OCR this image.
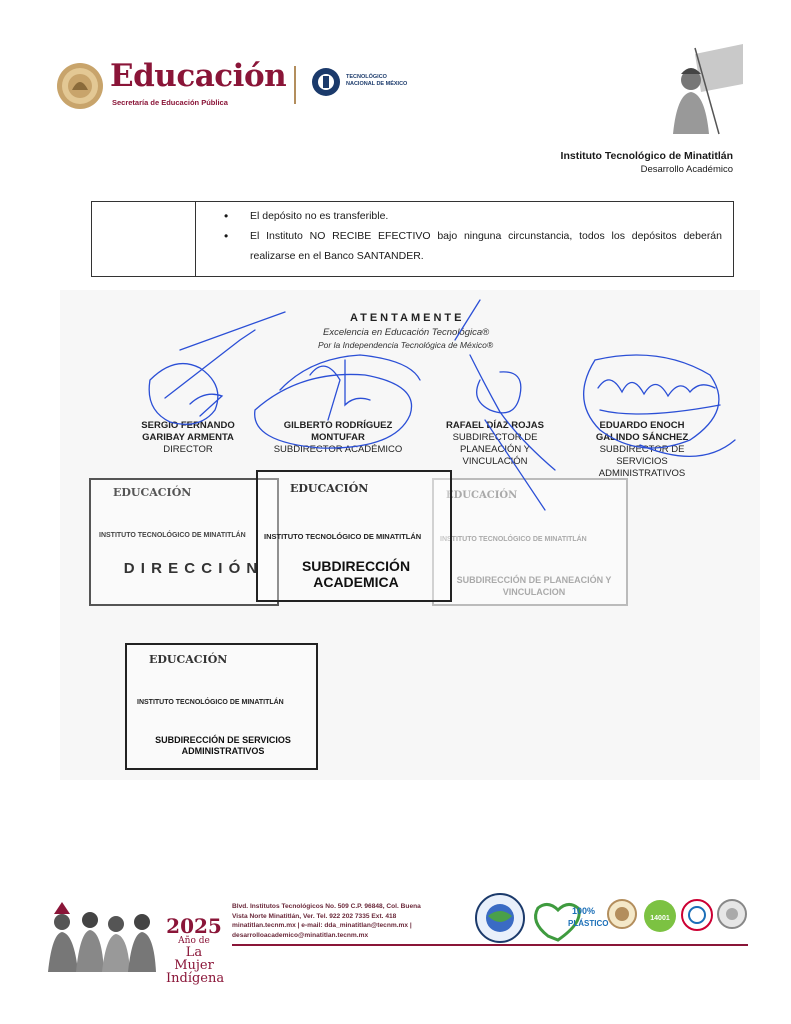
Educación
Secretaría de Educación Pública
TECNOLÓGICO NACIONAL DE MÉXICO
Instituto Tecnológico de Minatitlán
Desarrollo Académico
• El depósito no es transferible.
• El Instituto NO RECIBE EFECTIVO bajo ninguna circunstancia, todos los depósitos deberán realizarse en el Banco SANTANDER.
ATENTAMENTE
Excelencia en Educación Tecnológica®
Por la Independencia Tecnológica de México®
SERGIO FERNANDO
GARIBAY ARMENTA
DIRECTOR
GILBERTO RODRÍGUEZ
MONTUFAR
SUBDIRECTOR ACADÉMICO
RAFAEL DÍAZ ROJAS
SUBDIRECTOR DE
PLANEACIÓN Y
VINCULACIÓN
EDUARDO ENOCH
GALINDO SÁNCHEZ
SUBDIRECTOR DE
SERVICIOS
ADMINISTRATIVOS
EDUCACIÓN
INSTITUTO TECNOLÓGICO DE MINATITLÁN
D I R E C C I Ó N
EDUCACIÓN
INSTITUTO TECNOLÓGICO DE MINATITLÁN
SUBDIRECCIÓN DE PLANEACIÓN Y
VINCULACION
EDUCACIÓN
INSTITUTO TECNOLÓGICO DE MINATITLÁN
SUBDIRECCIÓN ACADEMICA
EDUCACIÓN
INSTITUTO TECNOLÓGICO DE MINATITLÁN
SUBDIRECCIÓN DE SERVICIOS
ADMINISTRATIVOS
2025
Año de
La Mujer
Indígena
Blvd. Institutos Tecnológicos No. 509 C.P. 96848, Col. Buena
Vista Norte Minatitlán, Ver. Tel. 922 202 7335 Ext. 418
minatitlan.tecnm.mx | e-mail: dda_minatitlan@tecnm.mx |
desarrolloacademico@minatitlan.tecnm.mx
100%
PLÁSTICO
14001
